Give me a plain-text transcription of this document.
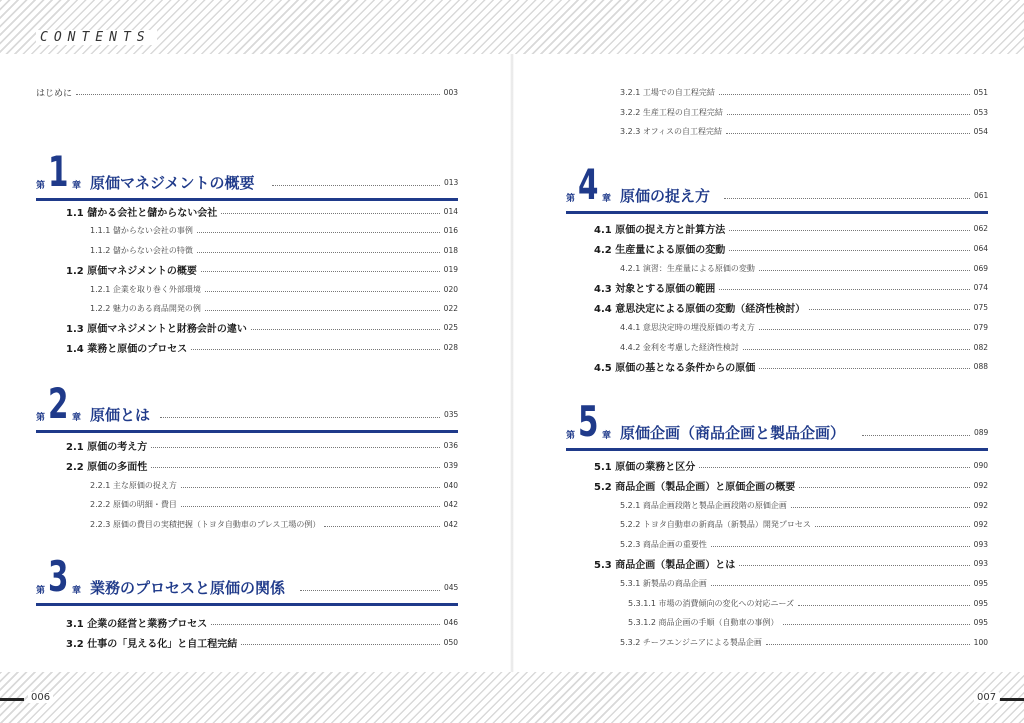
CONTENTS
006	007
はじめに	003
第 1 章 原価マネジメントの概要	013
1.1 儲かる会社と儲からない会社	014
1.1.1 儲からない会社の事例	016
1.1.2 儲からない会社の特徴	018
1.2 原価マネジメントの概要	019
1.2.1 企業を取り巻く外部環境	020
1.2.2 魅力のある商品開発の例	022
1.3 原価マネジメントと財務会計の違い	025
1.4 業務と原価のプロセス	028
第 2 章 原価とは	035
2.1 原価の考え方	036
2.2 原価の多面性	039
2.2.1 主な原価の捉え方	040
2.2.2 原価の明細・費目	042
2.2.3 原価の費目の実積把握（トヨタ自動車のプレス工場の例）	042
第 3 章 業務のプロセスと原価の関係	045
3.1 企業の経営と業務プロセス	046
3.2 仕事の「見える化」と自工程完結	050
3.2.1 工場での自工程完結	051
3.2.2 生産工程の自工程完結	053
3.2.3 オフィスの自工程完結	054
第 4 章 原価の捉え方	061
4.1 原価の捉え方と計算方法	062
4.2 生産量による原価の変動	064
4.2.1 演習：生産量による原価の変動	069
4.3 対象とする原価の範囲	074
4.4 意思決定による原価の変動（経済性検討）	075
4.4.1 意思決定時の埋没原価の考え方	079
4.4.2 金利を考慮した経済性検討	082
4.5 原価の基となる条件からの原価	088
第 5 章 原価企画（商品企画と製品企画）	089
5.1 原価の業務と区分	090
5.2 商品企画（製品企画）と原価企画の概要	092
5.2.1 商品企画段階と製品企画段階の原価企画	092
5.2.2 トヨタ自動車の新商品（新製品）開発プロセス	092
5.2.3 商品企画の重要性	093
5.3 商品企画（製品企画）とは	093
5.3.1 新製品の商品企画	095
5.3.1.1 市場の消費傾向の変化への対応ニーズ	095
5.3.1.2 商品企画の手順（自動車の事例）	095
5.3.2 チーフエンジニアによる製品企画	100
